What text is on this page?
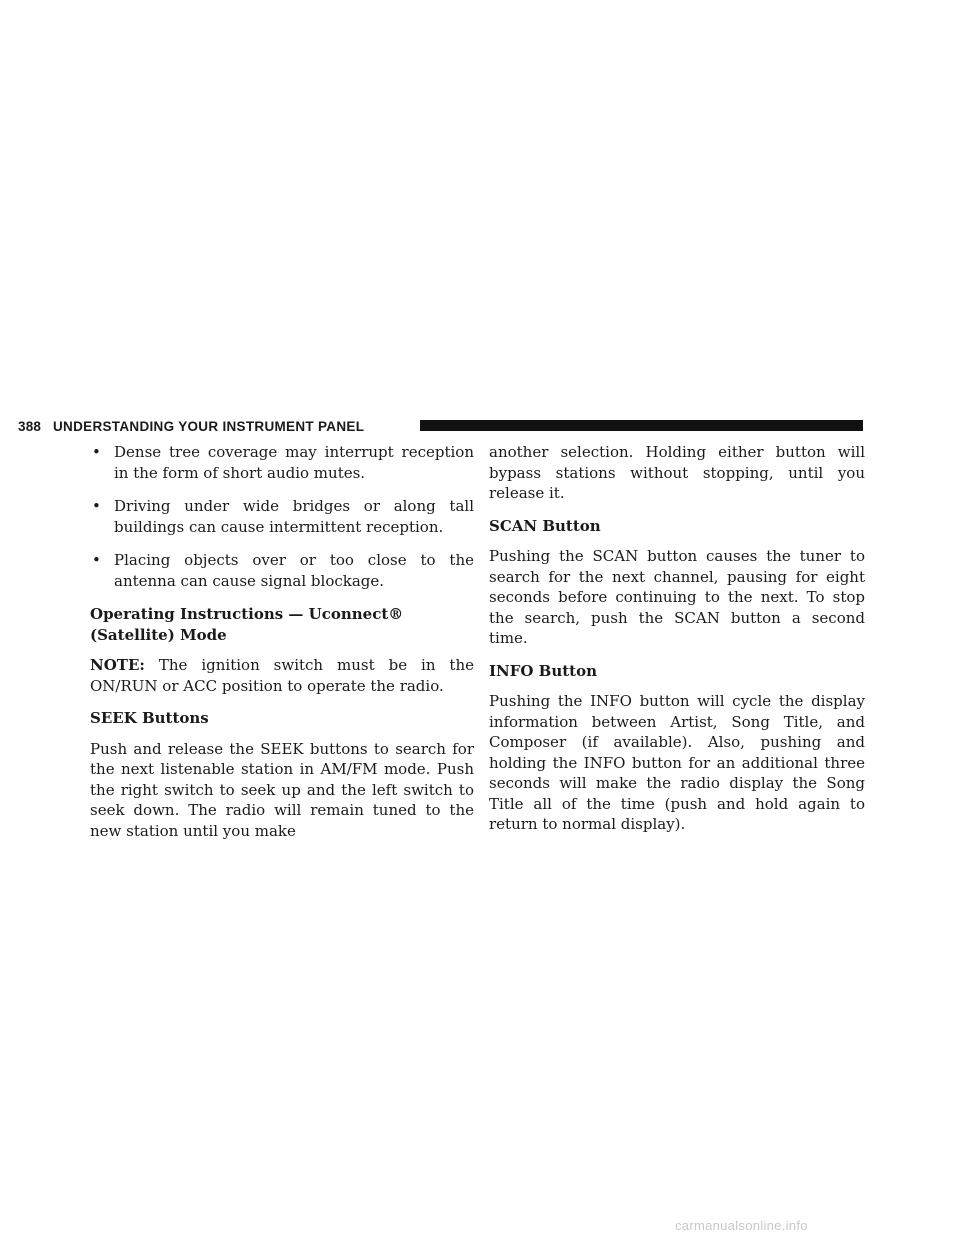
388 UNDERSTANDING YOUR INSTRUMENT PANEL
• Dense tree coverage may interrupt reception in the form of short audio mutes.
• Driving under wide bridges or along tall buildings can cause intermittent reception.
• Placing objects over or too close to the antenna can cause signal blockage.
Operating Instructions — Uconnect® (Satellite) Mode

NOTE: The ignition switch must be in the ON/RUN or ACC position to operate the radio.

SEEK Buttons

Push and release the SEEK buttons to search for the next listenable station in AM/FM mode. Push the right switch to seek up and the left switch to seek down. The radio will remain tuned to the new station until you make

another selection. Holding either button will bypass stations without stopping, until you release it.

SCAN Button

Pushing the SCAN button causes the tuner to search for the next channel, pausing for eight seconds before continuing to the next. To stop the search, push the SCAN button a second time.

INFO Button

Pushing the INFO button will cycle the display information between Artist, Song Title, and Composer (if available). Also, pushing and holding the INFO button for an additional three seconds will make the radio display the Song Title all of the time (push and hold again to return to normal display).

carmanualsonline.info
